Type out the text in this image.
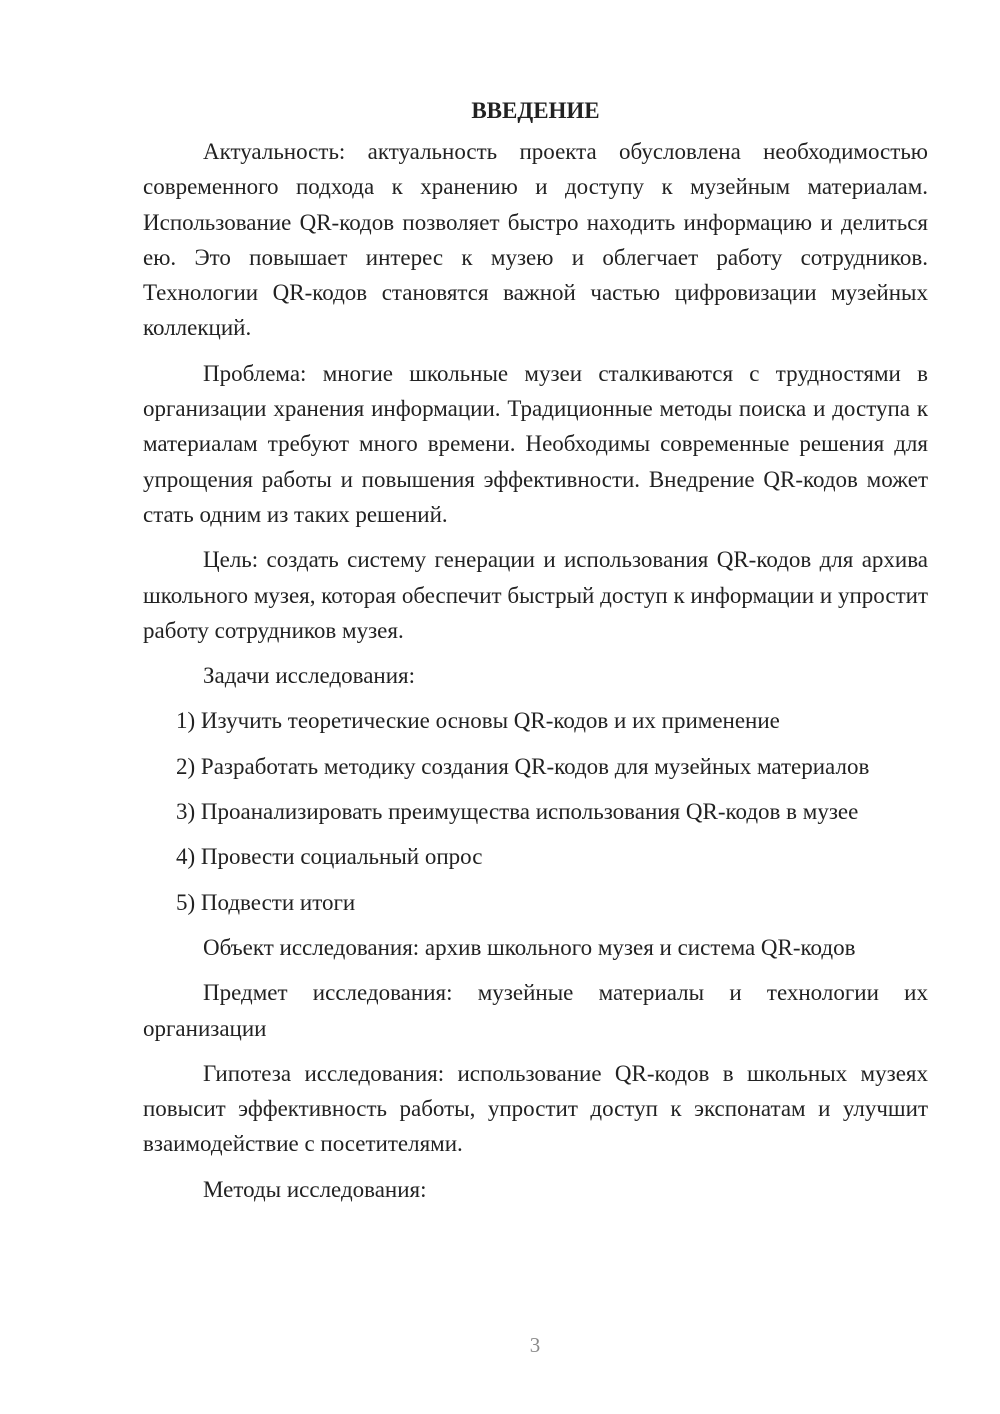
ВВЕДЕНИЕ

Актуальность: актуальность проекта обусловлена необходимостью современного подхода к хранению и доступу к музейным материалам. Использование QR-кодов позволяет быстро находить информацию и делиться ею. Это повышает интерес к музею и облегчает работу сотрудников. Технологии QR-кодов становятся важной частью цифровизации музейных коллекций.

Проблема: многие школьные музеи сталкиваются с трудностями в организации хранения информации. Традиционные методы поиска и доступа к материалам требуют много времени. Необходимы современные решения для упрощения работы и повышения эффективности. Внедрение QR-кодов может стать одним из таких решений.

Цель: создать систему генерации и использования QR-кодов для архива школьного музея, которая обеспечит быстрый доступ к информации и упростит работу сотрудников музея.

Задачи исследования:

1) Изучить теоретические основы QR-кодов и их применение

2) Разработать методику создания QR-кодов для музейных материалов

3) Проанализировать преимущества использования QR-кодов в музее

4) Провести социальный опрос

5) Подвести итоги

Объект исследования: архив школьного музея и система QR-кодов

Предмет исследования: музейные материалы и технологии их организации

Гипотеза исследования: использование QR-кодов в школьных музеях повысит эффективность работы, упростит доступ к экспонатам и улучшит взаимодействие с посетителями.

Методы исследования:

3
